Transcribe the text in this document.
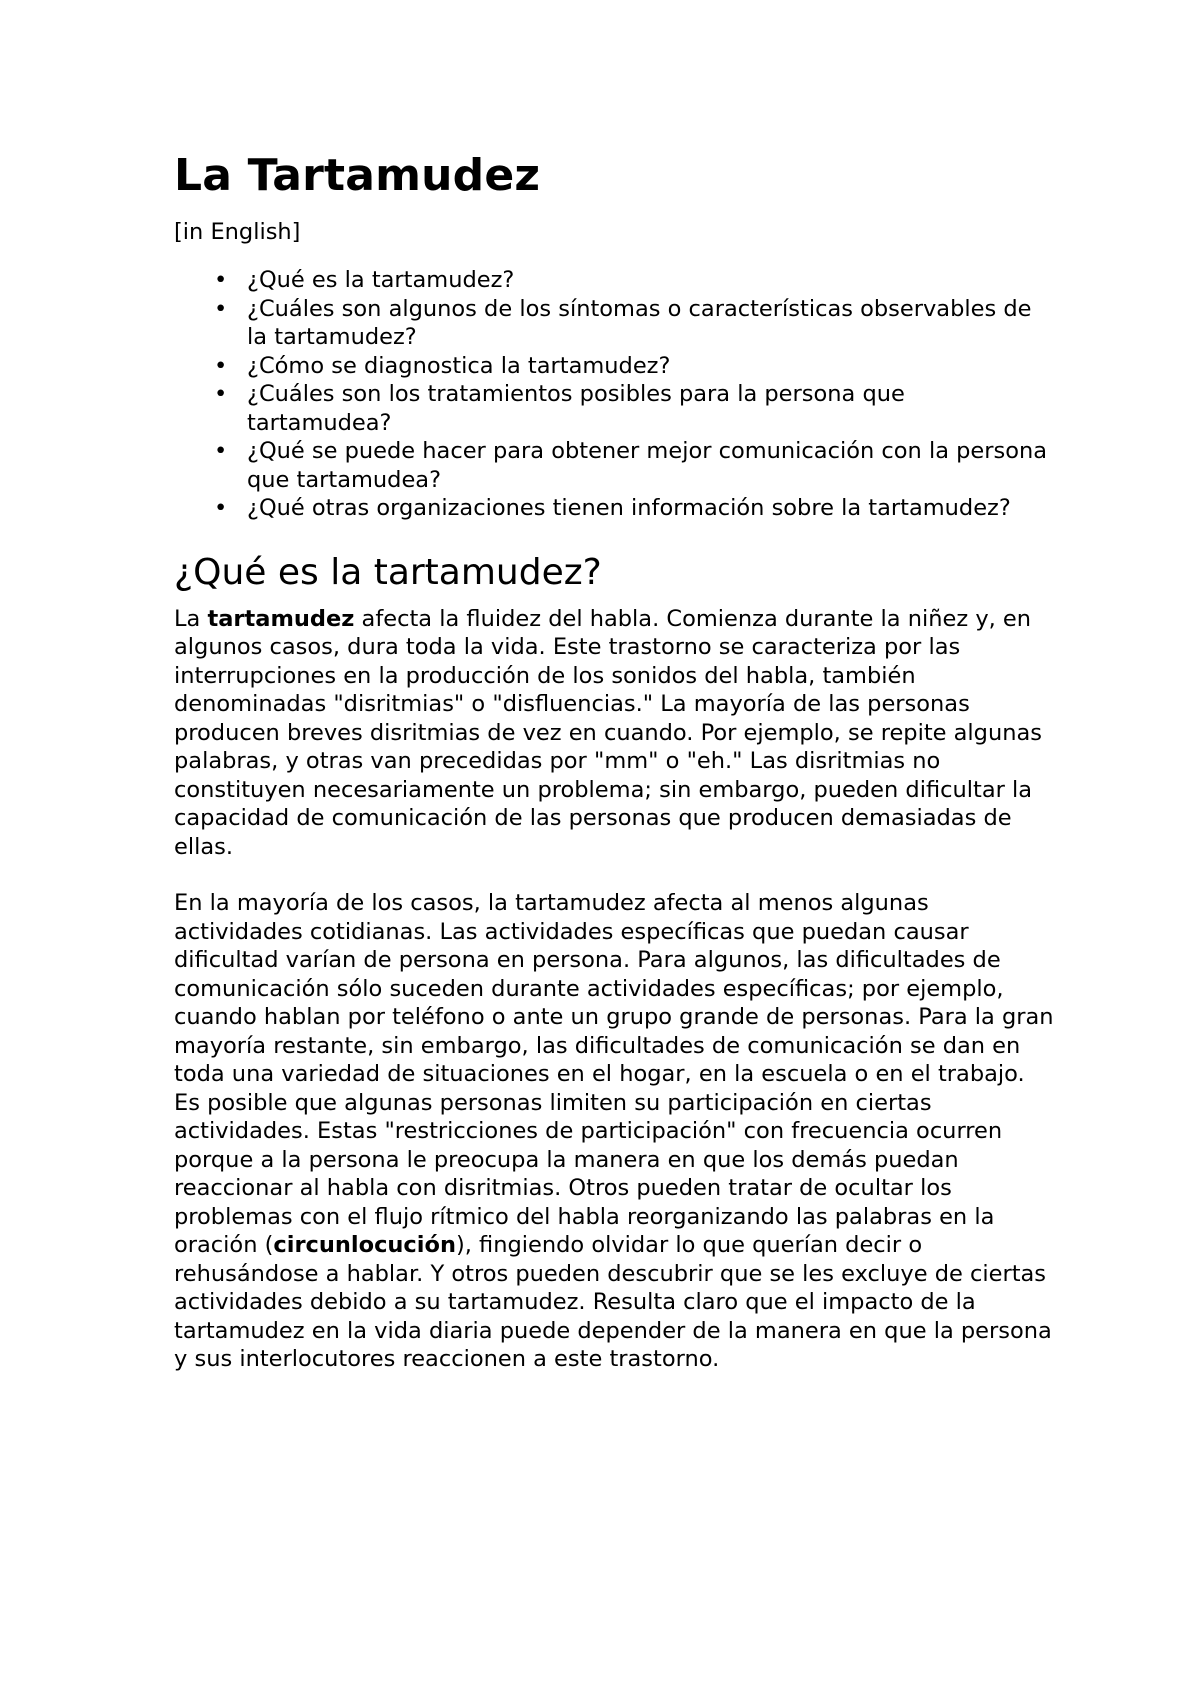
La Tartamudez
[in English]
• ¿Qué es la tartamudez?
• ¿Cuáles son algunos de los síntomas o características observables de la tartamudez?
• ¿Cómo se diagnostica la tartamudez?
• ¿Cuáles son los tratamientos posibles para la persona que tartamudea?
• ¿Qué se puede hacer para obtener mejor comunicación con la persona que tartamudea?
• ¿Qué otras organizaciones tienen información sobre la tartamudez?
¿Qué es la tartamudez?

La tartamudez afecta la fluidez del habla. Comienza durante la niñez y, en algunos casos, dura toda la vida. Este trastorno se caracteriza por las interrupciones en la producción de los sonidos del habla, también denominadas "disritmias" o "disfluencias." La mayoría de las personas producen breves disritmias de vez en cuando. Por ejemplo, se repite algunas palabras, y otras van precedidas por "mm" o "eh." Las disritmias no constituyen necesariamente un problema; sin embargo, pueden dificultar la capacidad de comunicación de las personas que producen demasiadas de ellas.

En la mayoría de los casos, la tartamudez afecta al menos algunas actividades cotidianas. Las actividades específicas que puedan causar dificultad varían de persona en persona. Para algunos, las dificultades de comunicación sólo suceden durante actividades específicas; por ejemplo, cuando hablan por teléfono o ante un grupo grande de personas. Para la gran mayoría restante, sin embargo, las dificultades de comunicación se dan en toda una variedad de situaciones en el hogar, en la escuela o en el trabajo. Es posible que algunas personas limiten su participación en ciertas actividades. Estas "restricciones de participación" con frecuencia ocurren porque a la persona le preocupa la manera en que los demás puedan reaccionar al habla con disritmias. Otros pueden tratar de ocultar los problemas con el flujo rítmico del habla reorganizando las palabras en la oración (circunlocución), fingiendo olvidar lo que querían decir o rehusándose a hablar. Y otros pueden descubrir que se les excluye de ciertas actividades debido a su tartamudez. Resulta claro que el impacto de la tartamudez en la vida diaria puede depender de la manera en que la persona y sus interlocutores reaccionen a este trastorno.
